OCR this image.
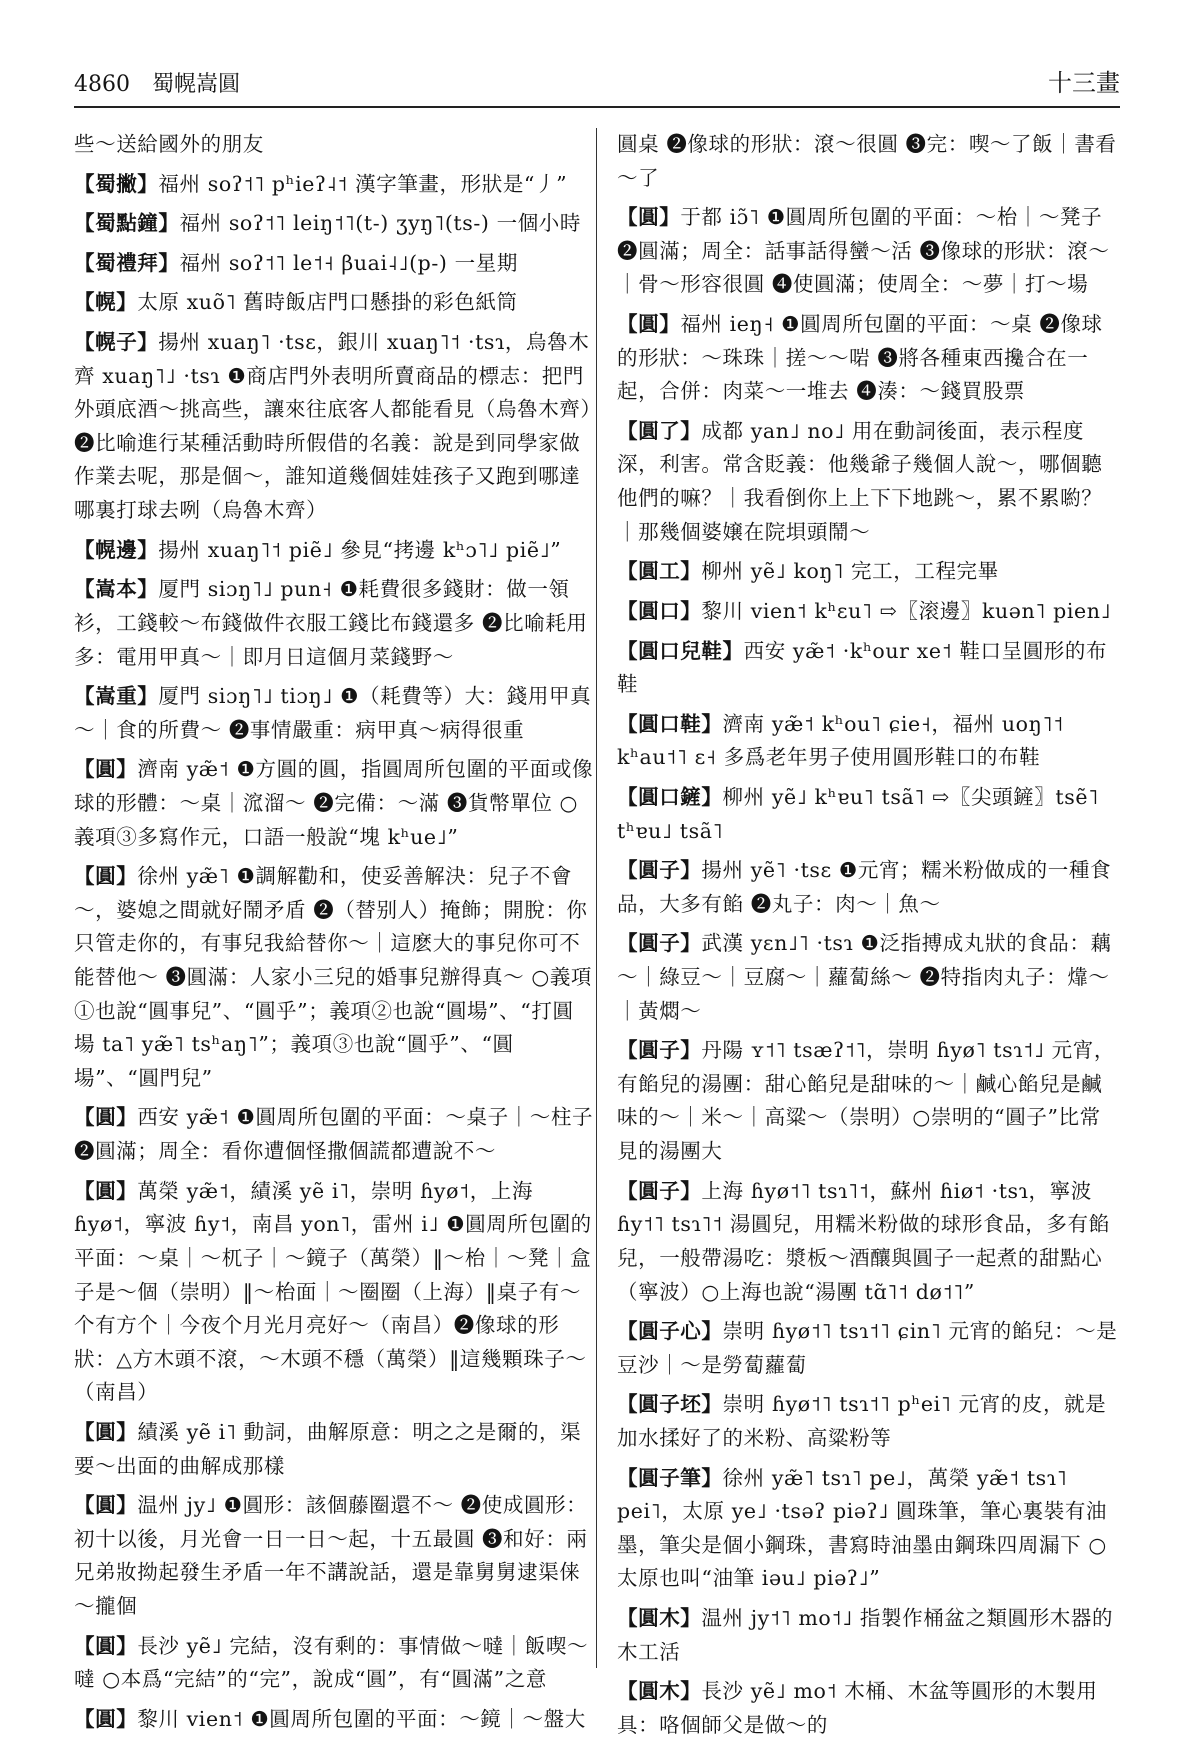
4860 蜀幌嵩圓	十三畫
些～送給國外的朋友
【蜀撇】福州 soʔ˦˥ pʰieʔ˨˦ 漢字筆畫，形狀是“丿”
【蜀點鐘】福州 soʔ˦˥ leiŋ˦˥(t-) ʒyŋ˥(ts-) 一個小時
【蜀禮拜】福州 soʔ˦˥ le˦˧ βuai˨˩(p-) 一星期
【幌】太原 xuõ˥ 舊時飯店門口懸掛的彩色紙筒
【幌子】揚州 xuaŋ˥ ·tsɛ，銀川 xuaŋ˥˦ ·tsɿ，烏魯木齊 xuaŋ˥˩ ·tsɿ ❶商店門外表明所賣商品的標志：把門外頭底酒～挑高些，讓來往底客人都能看見（烏魯木齊）❷比喻進行某種活動時所假借的名義：說是到同學家做作業去呢，那是個～，誰知道幾個娃娃孩子又跑到哪達哪裏打球去咧（烏魯木齊）
【幌邊】揚州 xuaŋ˥˦ piẽ˩ 參見“拷邊 kʰɔ˥˩ piẽ˩”
【嵩本】厦門 siɔŋ˥˩ pun˧ ❶耗費很多錢財：做一領衫，工錢較～布錢做件衣服工錢比布錢還多 ❷比喻耗用多：電用甲真～｜即月日這個月菜錢野～
【嵩重】厦門 siɔŋ˥˩ tiɔŋ˩ ❶（耗費等）大：錢用甲真～｜食的所費～ ❷事情嚴重：病甲真～病得很重
【圓】濟南 yæ̃˦ ❶方圓的圓，指圓周所包圍的平面或像球的形體：～桌｜溛溜～ ❷完備：～滿 ❸貨幣單位 ○義項③多寫作元，口語一般說“塊 kʰue˩”
【圓】徐州 yæ̃˥ ❶調解勸和，使妥善解決：兒子不會～，婆媳之間就好鬧矛盾 ❷（替别人）掩飾；開脫：你只管走你的，有事兒我給替你～｜這麽大的事兒你可不能替他～ ❸圓滿：人家小三兒的婚事兒辦得真～ ○義項①也說“圓事兒”、“圓乎”；義項②也說“圓場”、“打圓場 ta˥ yæ̃˥ tsʰaŋ˥”；義項③也說“圓乎”、“圓場”、“圓門兒”
【圓】西安 yæ̃˦ ❶圓周所包圍的平面：～桌子｜～柱子 ❷圓滿；周全：看你遭個怪撒個謊都遭說不～
【圓】萬榮 yæ̃˦，績溪 yẽ i˥，崇明 ɦyø˦，上海 ɦyø˦，寧波 ɦy˦，南昌 yon˥，雷州 i˩ ❶圓周所包圍的平面：～桌｜～杌子｜～鏡子（萬榮）‖～枱｜～凳｜盒子是～個（崇明）‖～枱面｜～圈圈（上海）‖桌子有～个有方个｜今夜个月光月亮好～（南昌）❷像球的形狀：△方木頭不滾，～木頭不穩（萬榮）‖這幾顆珠子～（南昌）
【圓】績溪 yẽ i˥ 動詞，曲解原意：明之之是爾的，渠要～出面的曲解成那樣
【圓】温州 jy˩ ❶圓形：該個藤圈還不～ ❷使成圓形：初十以後，月光會一日一日～起，十五最圓 ❸和好：兩兄弟妝拗起發生矛盾一年不講說話，還是靠舅舅逮渠俫～攏個
【圓】長沙 yẽ˩ 完結，沒有剩的：事情做～噠｜飯喫～噠 ○本爲“完結”的“完”，說成“圓”，有“圓滿”之意
【圓】黎川 vien˦ ❶圓周所包圍的平面：～鏡｜～盤大
圓桌 ❷像球的形狀：滾～很圓 ❸完：喫～了飯｜書看～了
【圓】于都 iɔ̃˥ ❶圓周所包圍的平面：～枱｜～凳子 ❷圓滿；周全：話事話得蠻～活 ❸像球的形狀：滾～｜骨～形容很圓 ❹使圓滿；使周全：～夢｜打～場
【圓】福州 ieŋ˧ ❶圓周所包圍的平面：～桌 ❷像球的形狀：～珠珠｜搓～～啱 ❸將各種東西攙合在一起，合併：肉菜～一堆去 ❹湊：～錢買股票
【圓了】成都 yan˩ no˩ 用在動詞後面，表示程度深，利害。常含貶義：他幾爺子幾個人說～，哪個聽他們的嘛？｜我看倒你上上下下地跳～，累不累喲？｜那幾個婆嬢在院垻頭鬧～
【圓工】柳州 yẽ˩ koŋ˥ 完工，工程完畢
【圓口】黎川 vien˦ kʰɛu˥ ⇨〖滚邊〗kuən˥ pien˩
【圓口兒鞋】西安 yæ̃˦ ·kʰour xe˦ 鞋口呈圓形的布鞋
【圓口鞋】濟南 yæ̃˦ kʰou˥ ɕie˧，福州 uoŋ˥˦ kʰau˦˥ ɛ˧ 多爲老年男子使用圓形鞋口的布鞋
【圓口鏟】柳州 yẽ˩ kʰɐu˥ tsã˥ ⇨〖尖頭鏟〗tsẽ˥ tʰɐu˩ tsã˥
【圓子】揚州 yẽ˥ ·tsɛ ❶元宵；糯米粉做成的一種食品，大多有餡 ❷丸子：肉～｜魚～
【圓子】武漢 yɛn˩˥ ·tsɿ ❶泛指搏成丸狀的食品：藕～｜綠豆～｜豆腐～｜蘿蔔絲～ ❷特指肉丸子：㸆～｜黃燜～
【圓子】丹陽 ʏ˦˥ tsæʔ˦˥，崇明 ɦyø˥ tsɿ˦˩ 元宵，有餡兒的湯團：甜心餡兒是甜味的～｜鹹心餡兒是鹹味的～｜米～｜高粱～（崇明）○崇明的“圓子”比常見的湯團大
【圓子】上海 ɦyø˦˥ tsɿ˥˦，蘇州 ɦiø˦ ·tsɿ，寧波 ɦy˦˥ tsɿ˥˦ 湯圓兒，用糯米粉做的球形食品，多有餡兒，一般帶湯吃：漿板～酒釀與圓子一起煮的甜點心（寧波）○上海也說“湯團 tɑ̃˥˦ dø˦˥”
【圓子心】崇明 ɦyø˦˥ tsɿ˦˥ ɕin˥ 元宵的餡兒：～是豆沙｜～是勞蔔蘿蔔
【圓子坯】崇明 ɦyø˦˥ tsɿ˦˥ pʰei˥ 元宵的皮，就是加水揉好了的米粉、高粱粉等
【圓子筆】徐州 yæ̃˥ tsɿ˥ pe˩，萬榮 yæ̃˦ tsɿ˥ pei˥，太原 ye˩ ·tsəʔ piəʔ˩ 圓珠筆，筆心裏裝有油墨，筆尖是個小鋼珠，書寫時油墨由鋼珠四周漏下 ○太原也叫“油筆 iəu˩ piəʔ˩”
【圓木】温州 jy˦˥ mo˦˩ 指製作桶盆之類圓形木器的木工活
【圓木】長沙 yẽ˩ mo˦ 木桶、木盆等圓形的木製用具：咯個師父是做～的
